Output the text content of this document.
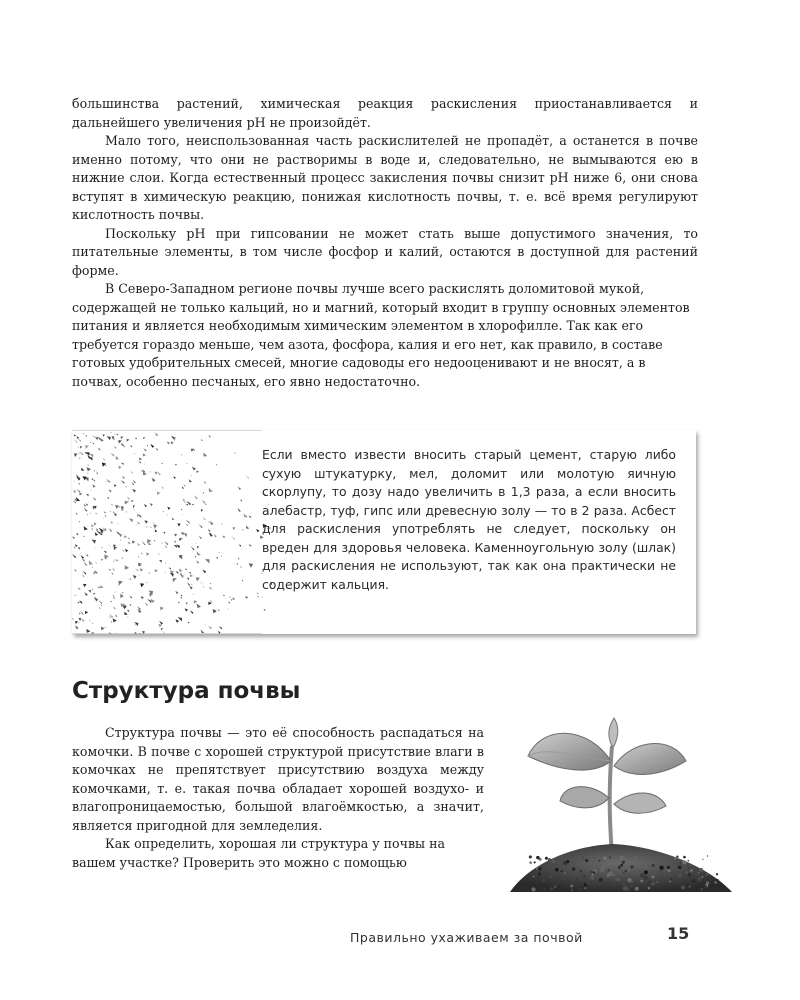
большинства растений, химическая реакция раскисления приостанавливается и дальнейшего увеличения pH не произойдёт.

Мало того, неиспользованная часть раскислителей не пропадёт, а останется в почве именно потому, что они не растворимы в воде и, следовательно, не вымываются ею в нижние слои. Когда естественный процесс закисления почвы снизит pH ниже 6, они снова вступят в химическую реакцию, понижая кислотность почвы, т. е. всё время регулируют кислотность почвы.

Поскольку pH при гипсовании не может стать выше допустимого значения, то питательные элементы, в том числе фосфор и калий, остаются в доступной для растений форме.

В Северо-Западном регионе почвы лучше всего раскислять доломитовой мукой, содержащей не только кальций, но и магний, который входит в группу основных элементов питания и является необходимым химическим элементом в хлорофилле. Так как его требуется гораздо меньше, чем азота, фосфора, калия и его нет, как правило, в составе готовых удобрительных смесей, многие садоводы его недооценивают и не вносят, а в почвах, особенно песчаных, его явно недостаточно.

Если вместо извести вносить старый цемент, старую либо сухую штукатурку, мел, доломит или молотую яичную скорлупу, то дозу надо увеличить в 1,3 раза, а если вносить алебастр, туф, гипс или древесную золу — то в 2 раза. Асбест для раскисления употреблять не следует, поскольку он вреден для здоровья человека. Каменноугольную золу (шлак) для раскисления не используют, так как она практически не содержит кальция.

Структура почвы

Структура почвы — это её способность распадаться на комочки. В почве с хорошей структурой присутствие влаги в комочках не препятствует присутствию воздуха между комочками, т. е. такая почва обладает хорошей воздухо- и влагопроницаемостью, большой влагоёмкостью, а значит, является пригодной для земледелия.

Как определить, хорошая ли структура у почвы на вашем участке? Проверить это можно с помощью

Правильно ухаживаем за почвой	15
